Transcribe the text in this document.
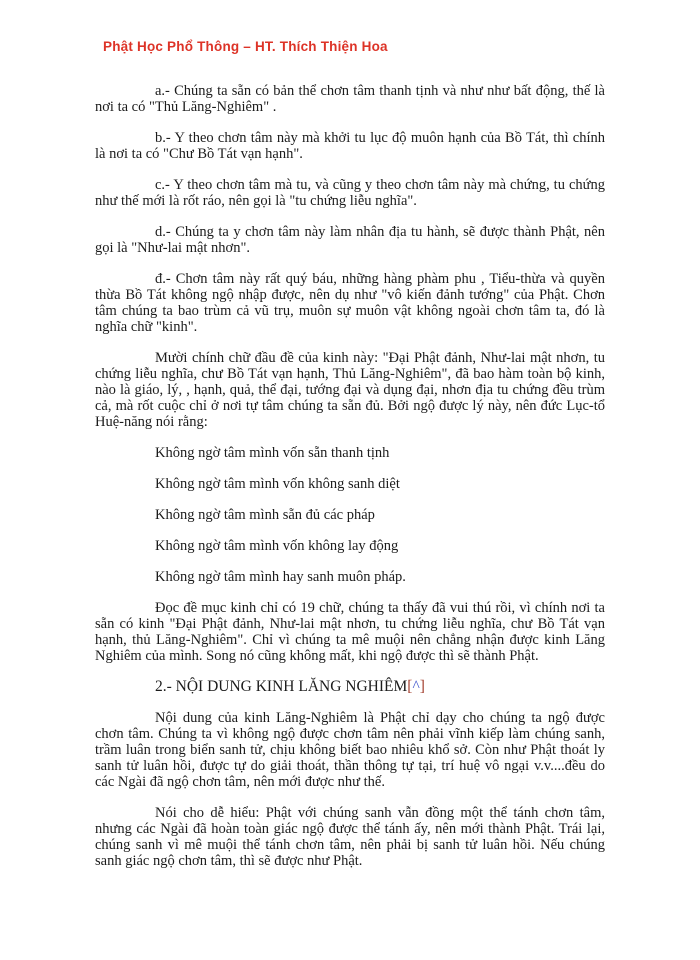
Phật Học Phổ Thông – HT. Thích Thiện Hoa

a.- Chúng ta sẵn có bản thể chơn tâm thanh tịnh và như như bất động, thế là nơi ta có "Thủ Lăng-Nghiêm" .

b.- Y theo chơn tâm này mà khởi tu lục độ muôn hạnh của Bồ Tát, thì chính là nơi ta có "Chư Bồ Tát vạn hạnh".

c.- Y theo chơn tâm mà tu, và cũng y theo chơn tâm này mà chứng, tu chứng như thế mới là rốt ráo, nên gọi là "tu chứng liễu nghĩa".

d.- Chúng ta y chơn tâm này làm nhân địa tu hành, sẽ được thành Phật, nên gọi là "Như-lai mật nhơn".

đ.- Chơn tâm này rất quý báu, những hàng phàm phu , Tiểu-thừa và quyền thừa Bồ Tát không ngộ nhập được, nên dụ như "vô kiến đảnh tướng" của Phật. Chơn tâm chúng ta bao trùm cả vũ trụ, muôn sự muôn vật không ngoài chơn tâm ta, đó là nghĩa chữ "kinh".

Mười chính chữ đầu đề của kinh này: "Đại Phật đảnh, Như-lai mật nhơn, tu chứng liễu nghĩa, chư Bồ Tát vạn hạnh, Thủ Lăng-Nghiêm", đã bao hàm toàn bộ kinh, nào là giáo, lý, , hạnh, quả, thể đại, tướng đại và dụng đại, nhơn địa tu chứng đều trùm cả, mà rốt cuộc chỉ ở nơi tự tâm chúng ta sẵn đủ. Bởi ngộ được lý này, nên đức Lục-tổ Huệ-năng nói rằng:

Không ngờ tâm mình vốn sẵn thanh tịnh

Không ngờ tâm mình vốn không sanh diệt

Không ngờ tâm mình sẵn đủ các pháp

Không ngờ tâm mình vốn không lay động

Không ngờ tâm mình hay sanh muôn pháp.

Đọc đề mục kinh chỉ có 19 chữ, chúng ta thấy đã vui thú rồi, vì chính nơi ta sẵn có kinh "Đại Phật đảnh, Như-lai mật nhơn, tu chứng liễu nghĩa, chư Bồ Tát vạn hạnh, thủ Lăng-Nghiêm". Chỉ vì chúng ta mê muội nên chẳng nhận được kinh Lăng Nghiêm của mình. Song nó cũng không mất, khi ngộ được thì sẽ thành Phật.

2.- NỘI DUNG KINH LĂNG NGHIÊM[^]

Nội dung của kinh Lăng-Nghiêm là Phật chỉ dạy cho chúng ta ngộ được chơn tâm. Chúng ta vì không ngộ được chơn tâm nên phải vĩnh kiếp làm chúng sanh, trầm luân trong biển sanh tử, chịu không biết bao nhiêu khổ sở. Còn như Phật thoát ly sanh tử luân hồi, được tự do giải thoát, thần thông tự tại, trí huệ vô ngại v.v....đều do các Ngài đã ngộ chơn tâm, nên mới được như thế.

Nói cho dễ hiểu: Phật với chúng sanh vẫn đồng một thể tánh chơn tâm, nhưng các Ngài đã hoàn toàn giác ngộ được thể tánh ấy, nên mới thành Phật. Trái lại, chúng sanh vì mê muội thể tánh chơn tâm, nên phải bị sanh tử luân hồi. Nếu chúng sanh giác ngộ chơn tâm, thì sẽ được như Phật.
